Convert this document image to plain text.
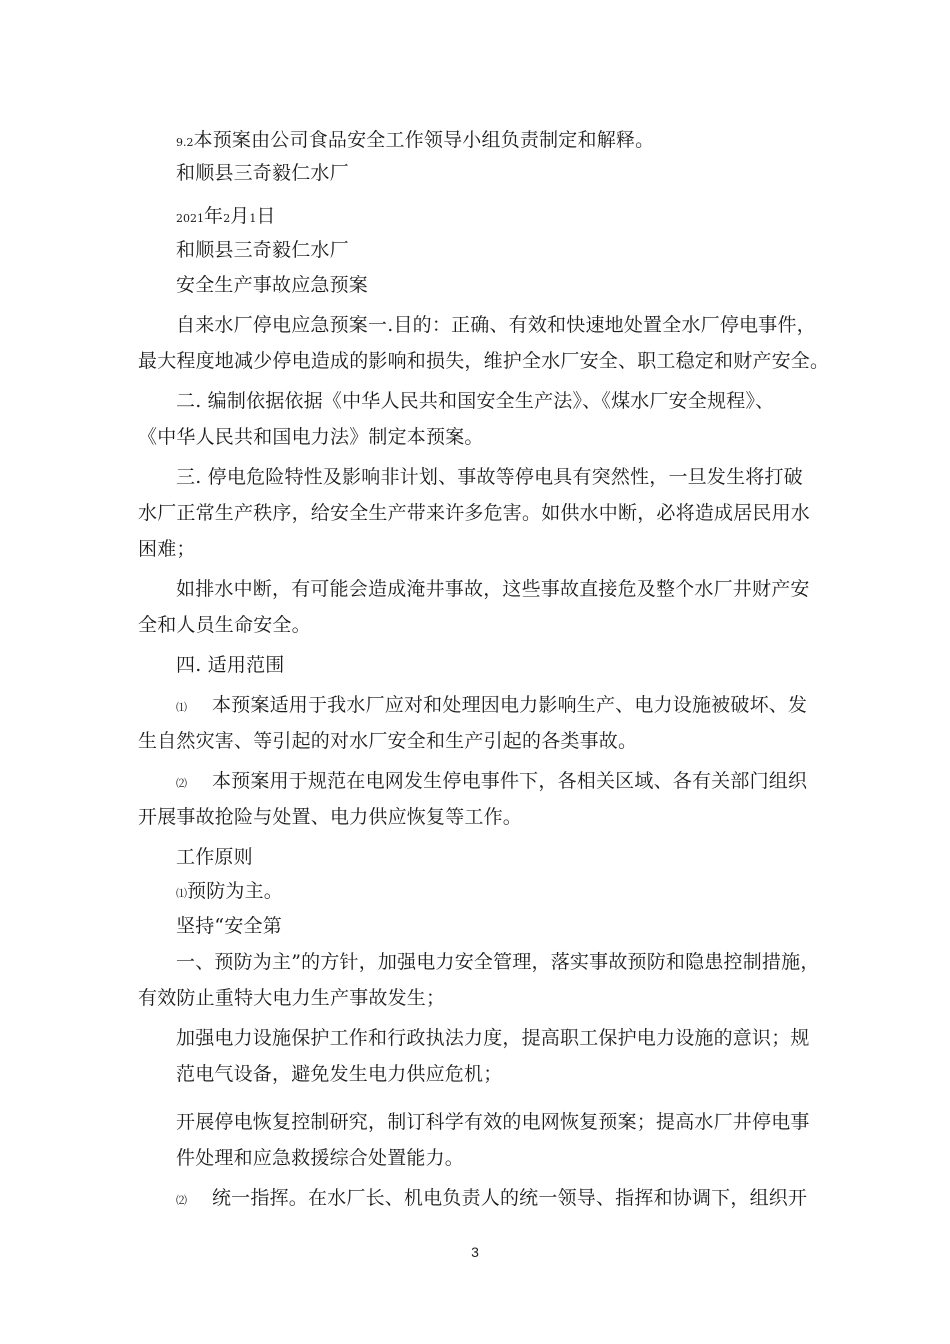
9.2本预案由公司食品安全工作领导小组负责制定和解释。
和顺县三奇毅仁水厂
2021年2月1日
和顺县三奇毅仁水厂
安全生产事故应急预案
自来水厂停电应急预案一.目的：正确、有效和快速地处置全水厂停电事件，
最大程度地减少停电造成的影响和损失，维护全水厂安全、职工稳定和财产安全。
二. 编制依据依据《中华人民共和国安全生产法》、《煤水厂安全规程》、
《中华人民共和国电力法》制定本预案。
三. 停电危险特性及影响非计划、事故等停电具有突然性，一旦发生将打破
水厂正常生产秩序，给安全生产带来许多危害。如供水中断，必将造成居民用水
困难；
如排水中断，有可能会造成淹井事故，这些事故直接危及整个水厂井财产安
全和人员生命安全。
四. 适用范围
⑴ 本预案适用于我水厂应对和处理因电力影响生产、电力设施被破坏、发
生自然灾害、等引起的对水厂安全和生产引起的各类事故。
⑵ 本预案用于规范在电网发生停电事件下，各相关区域、各有关部门组织
开展事故抢险与处置、电力供应恢复等工作。
工作原则
⑴预防为主。
坚持“安全第
一、预防为主”的方针，加强电力安全管理，落实事故预防和隐患控制措施，
有效防止重特大电力生产事故发生；
加强电力设施保护工作和行政执法力度，提高职工保护电力设施的意识；规
范电气设备，避免发生电力供应危机；
开展停电恢复控制研究，制订科学有效的电网恢复预案；提高水厂井停电事
件处理和应急救援综合处置能力。
⑵ 统一指挥。在水厂长、机电负责人的统一领导、指挥和协调下，组织开
3
